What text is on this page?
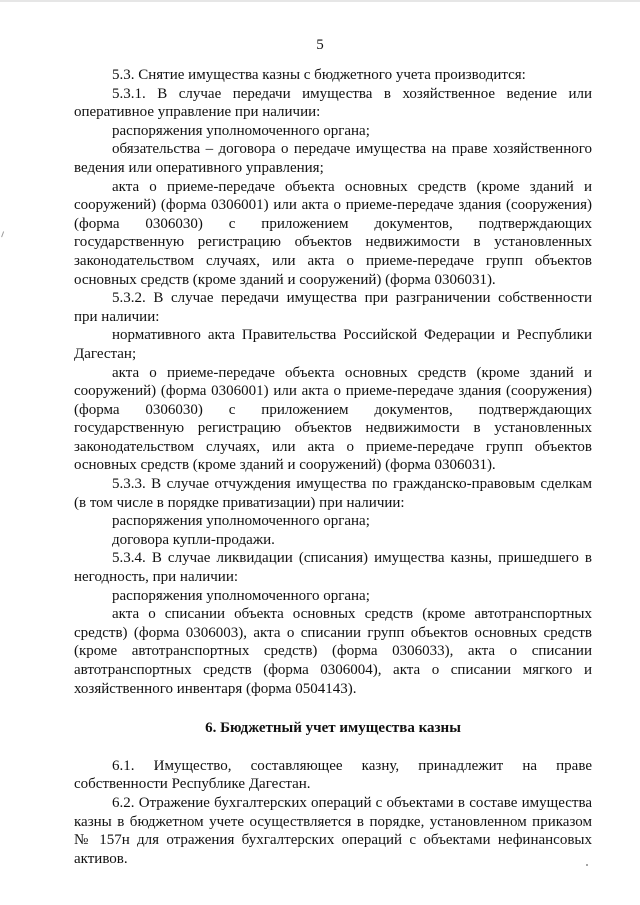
5

5.3. Снятие имущества казны с бюджетного учета производится:

5.3.1. В случае передачи имущества в хозяйственное ведение или оперативное управление при наличии:

распоряжения уполномоченного органа;

обязательства – договора о передаче имущества на праве хозяйственного ведения или оперативного управления;

акта о приеме-передаче объекта основных средств (кроме зданий и сооружений) (форма 0306001) или акта о приеме-передаче здания (сооружения) (форма 0306030) с приложением документов, подтверждающих государственную регистрацию объектов недвижимости в установленных законодательством случаях, или акта о приеме-передаче групп объектов основных средств (кроме зданий и сооружений) (форма 0306031).

5.3.2. В случае передачи имущества при разграничении собственности при наличии:

нормативного акта Правительства Российской Федерации и Республики Дагестан;

акта о приеме-передаче объекта основных средств (кроме зданий и сооружений) (форма 0306001) или акта о приеме-передаче здания (сооружения) (форма 0306030) с приложением документов, подтверждающих государственную регистрацию объектов недвижимости в установленных законодательством случаях, или акта о приеме-передаче групп объектов основных средств (кроме зданий и сооружений) (форма 0306031).

5.3.3. В случае отчуждения имущества по гражданско-правовым сделкам (в том числе в порядке приватизации) при наличии:

распоряжения уполномоченного органа;

договора купли-продажи.

5.3.4. В случае ликвидации (списания) имущества казны, пришедшего в негодность, при наличии:

распоряжения уполномоченного органа;

акта о списании объекта основных средств (кроме автотранспортных средств) (форма 0306003), акта о списании групп объектов основных средств (кроме автотранспортных средств) (форма 0306033), акта о списании автотранспортных средств (форма 0306004), акта о списании мягкого и хозяйственного инвентаря (форма 0504143).

6. Бюджетный учет имущества казны

6.1. Имущество, составляющее казну, принадлежит на праве собственности Республике Дагестан.

6.2. Отражение бухгалтерских операций с объектами в составе имущества казны в бюджетном учете осуществляется в порядке, установленном приказом № 157н для отражения бухгалтерских операций с объектами нефинансовых активов.
